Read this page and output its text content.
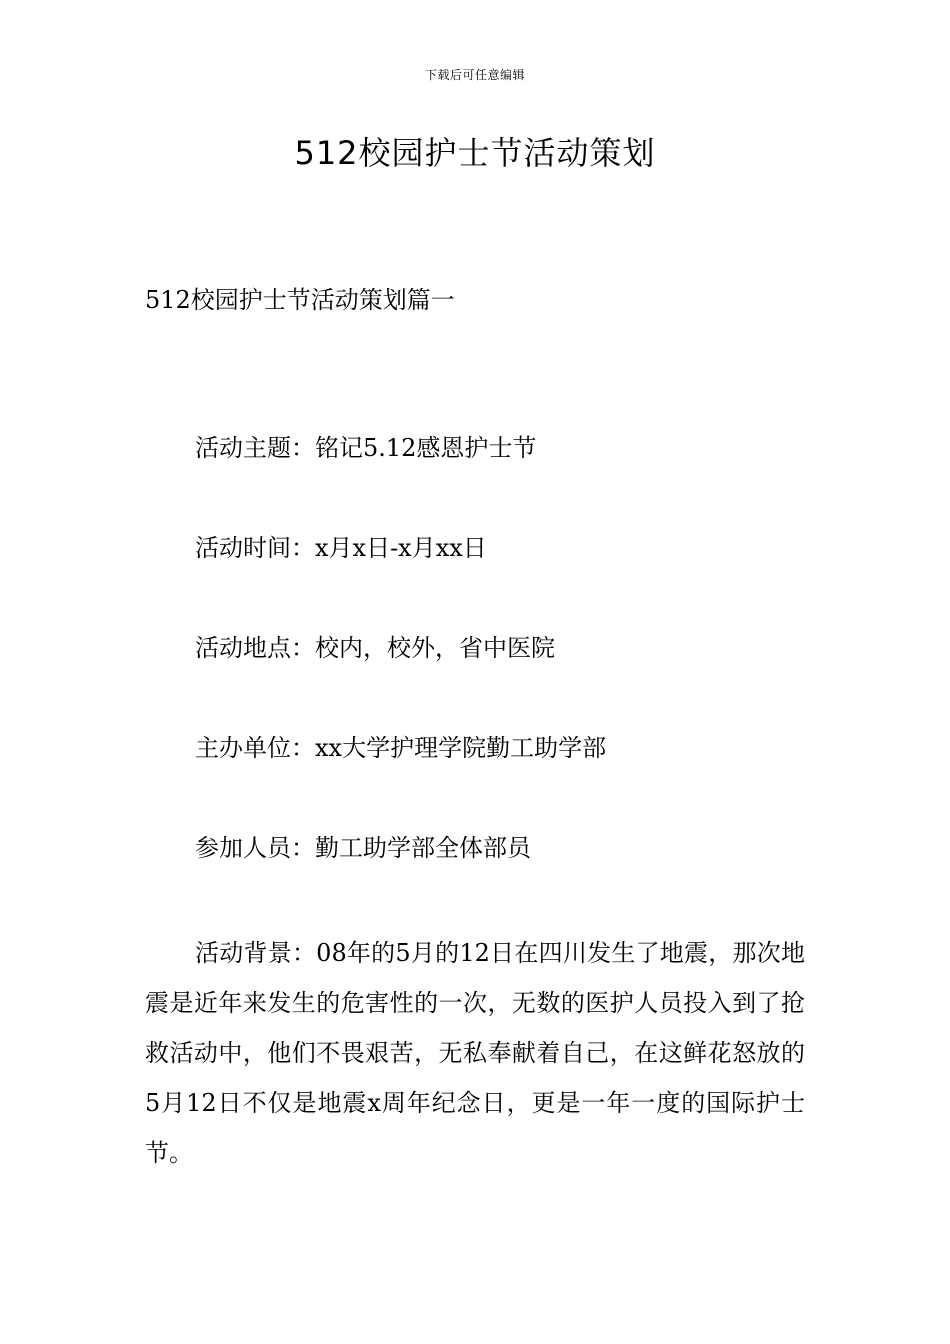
下载后可任意编辑
512校园护士节活动策划
512校园护士节活动策划篇一
活动主题：铭记5.12感恩护士节
活动时间：x月x日-x月xx日
活动地点：校内，校外，省中医院
主办单位：xx大学护理学院勤工助学部
参加人员：勤工助学部全体部员

活动背景：08年的5月的12日在四川发生了地震，那次地震是近年来发生的危害性的一次，无数的医护人员投入到了抢救活动中，他们不畏艰苦，无私奉献着自己，在这鲜花怒放的5月12日不仅是地震x周年纪念日，更是一年一度的国际护士节。
